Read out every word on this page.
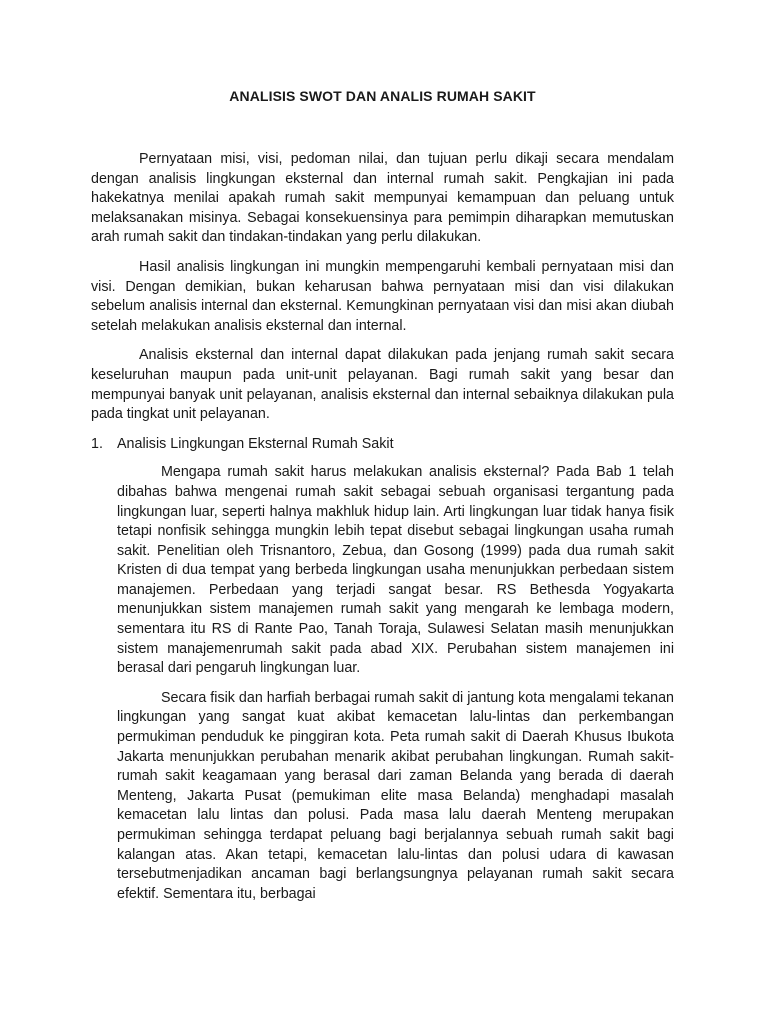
ANALISIS SWOT DAN ANALIS RUMAH SAKIT

Pernyataan misi, visi, pedoman nilai, dan tujuan perlu dikaji secara mendalam dengan analisis lingkungan eksternal dan internal rumah sakit. Pengkajian ini pada hakekatnya menilai apakah rumah sakit mempunyai kemampuan dan peluang untuk melaksanakan misinya. Sebagai konsekuensinya para pemimpin diharapkan memutuskan arah rumah sakit dan tindakan-tindakan yang perlu dilakukan.

Hasil analisis lingkungan ini mungkin mempengaruhi kembali pernyataan misi dan visi. Dengan demikian, bukan keharusan bahwa pernyataan misi dan visi dilakukan sebelum analisis internal dan eksternal. Kemungkinan pernyataan visi dan misi akan diubah setelah melakukan analisis eksternal dan internal.

Analisis eksternal dan internal dapat dilakukan pada jenjang rumah sakit secara keseluruhan maupun pada unit-unit pelayanan. Bagi rumah sakit yang besar dan mempunyai banyak unit pelayanan, analisis eksternal dan internal sebaiknya dilakukan pula pada tingkat unit pelayanan.

1. Analisis Lingkungan Eksternal Rumah Sakit

Mengapa rumah sakit harus melakukan analisis eksternal? Pada Bab 1 telah dibahas bahwa mengenai rumah sakit sebagai sebuah organisasi tergantung pada lingkungan luar, seperti halnya makhluk hidup lain. Arti lingkungan luar tidak hanya fisik tetapi nonfisik sehingga mungkin lebih tepat disebut sebagai lingkungan usaha rumah sakit. Penelitian oleh Trisnantoro, Zebua, dan Gosong (1999) pada dua rumah sakit Kristen di dua tempat yang berbeda lingkungan usaha menunjukkan perbedaan sistem manajemen. Perbedaan yang terjadi sangat besar. RS Bethesda Yogyakarta menunjukkan sistem manajemen rumah sakit yang mengarah ke lembaga modern, sementara itu RS di Rante Pao, Tanah Toraja, Sulawesi Selatan masih menunjukkan sistem manajemenrumah sakit pada abad XIX. Perubahan sistem manajemen ini berasal dari pengaruh lingkungan luar.

Secara fisik dan harfiah berbagai rumah sakit di jantung kota mengalami tekanan lingkungan yang sangat kuat akibat kemacetan lalu-lintas dan perkembangan permukiman penduduk ke pinggiran kota. Peta rumah sakit di Daerah Khusus Ibukota Jakarta menunjukkan perubahan menarik akibat perubahan lingkungan. Rumah sakit-rumah sakit keagamaan yang berasal dari zaman Belanda yang berada di daerah Menteng, Jakarta Pusat (pemukiman elite masa Belanda) menghadapi masalah kemacetan lalu lintas dan polusi. Pada masa lalu daerah Menteng merupakan permukiman sehingga terdapat peluang bagi berjalannya sebuah rumah sakit bagi kalangan atas. Akan tetapi, kemacetan lalu-lintas dan polusi udara di kawasan tersebutmenjadikan ancaman bagi berlangsungnya pelayanan rumah sakit secara efektif. Sementara itu, berbagai
